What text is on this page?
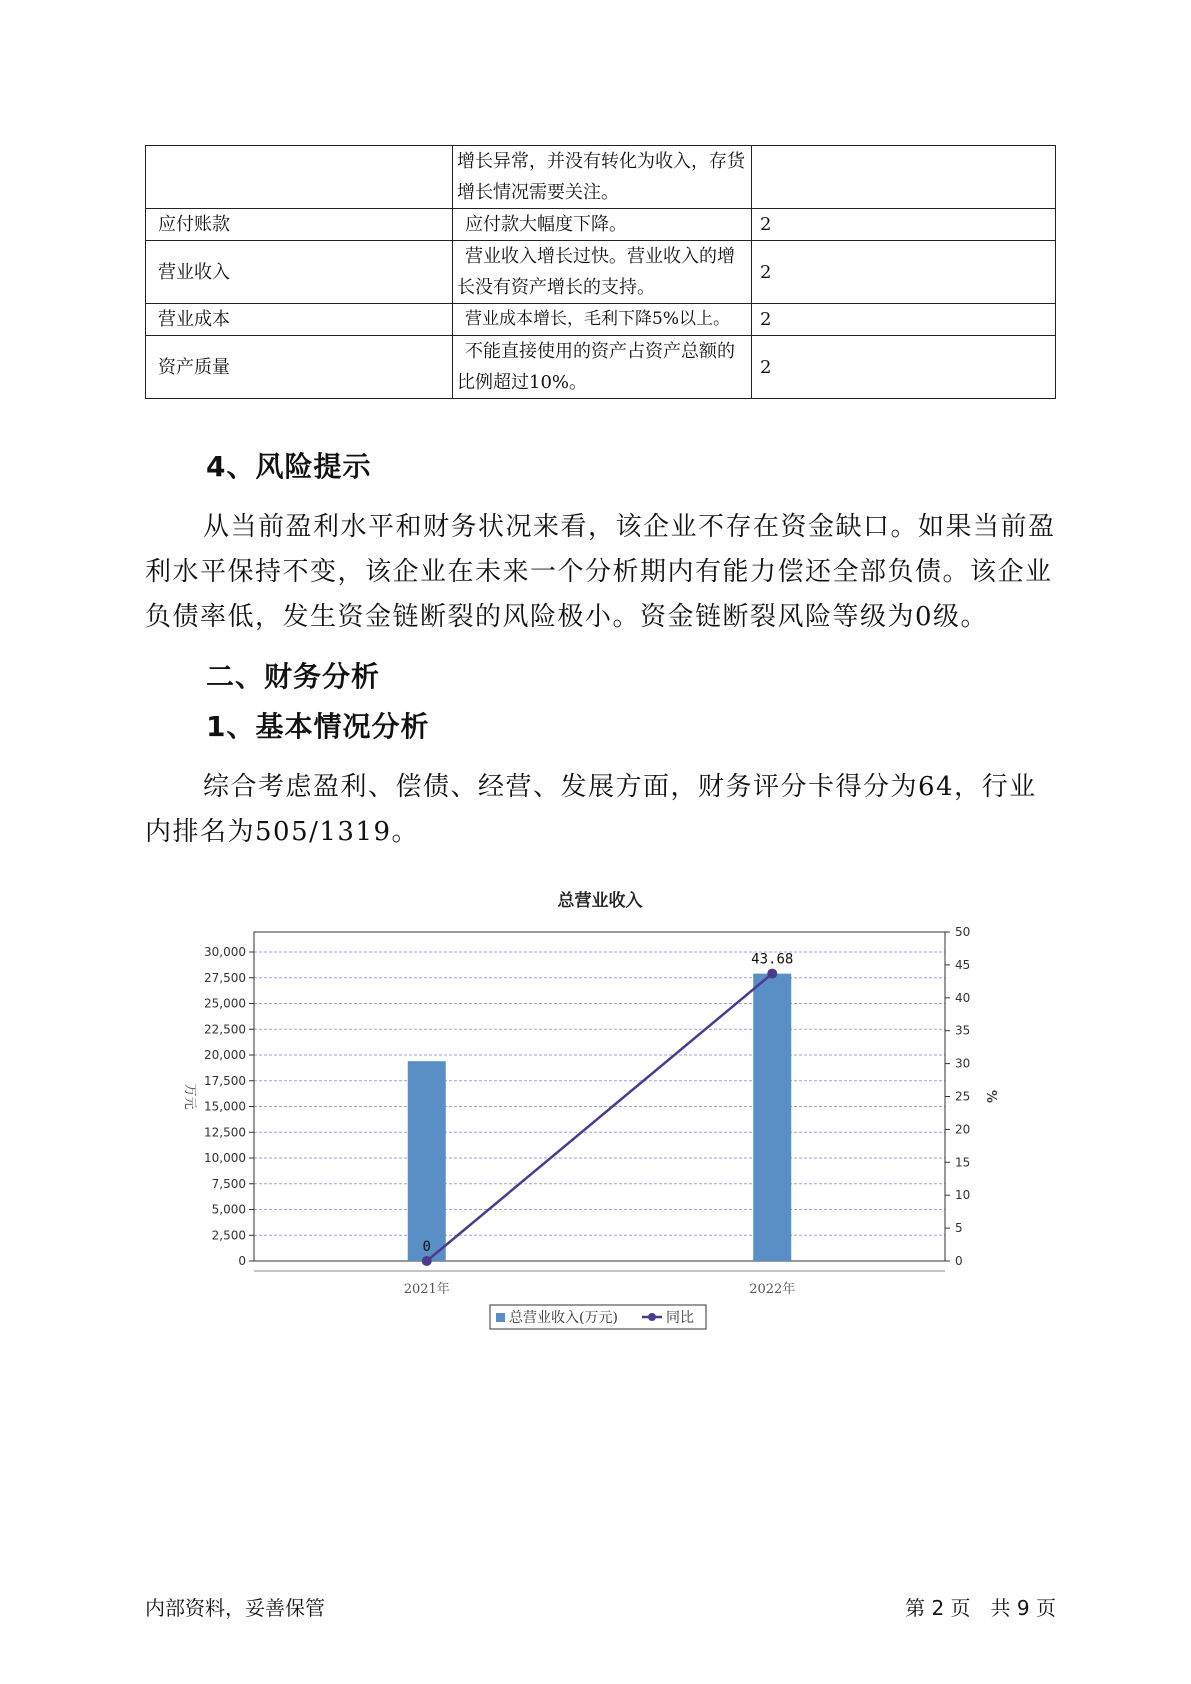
	增长异常，并没有转化为收入，存货增长情况需要关注。	
应付账款	应付款大幅度下降。	2
营业收入	营业收入增长过快。营业收入的增长没有资产增长的支持。	2
营业成本	营业成本增长，毛利下降5%以上。	2
资产质量	不能直接使用的资产占资产总额的比例超过10%。	2
4、风险提示

从当前盈利水平和财务状况来看，该企业不存在资金缺口。如果当前盈利水平保持不变，该企业在未来一个分析期内有能力偿还全部负债。该企业负债率低，发生资金链断裂的风险极小。资金链断裂风险等级为0级。

二、财务分析
1、基本情况分析

综合考虑盈利、偿债、经营、发展方面，财务评分卡得分为64，行业内排名为505/1319。

总营业收入
万元	%
0
43.68
0
2,500
5,000
7,500
10,000
12,500
15,000
17,500
20,000
22,500
25,000
27,500
30,000
0
5
10
15
20
25
30
35
40
45
50
2021年	2022年
总营业收入(万元)	同比
内部资料，妥善保管	第 2 页　共 9 页
